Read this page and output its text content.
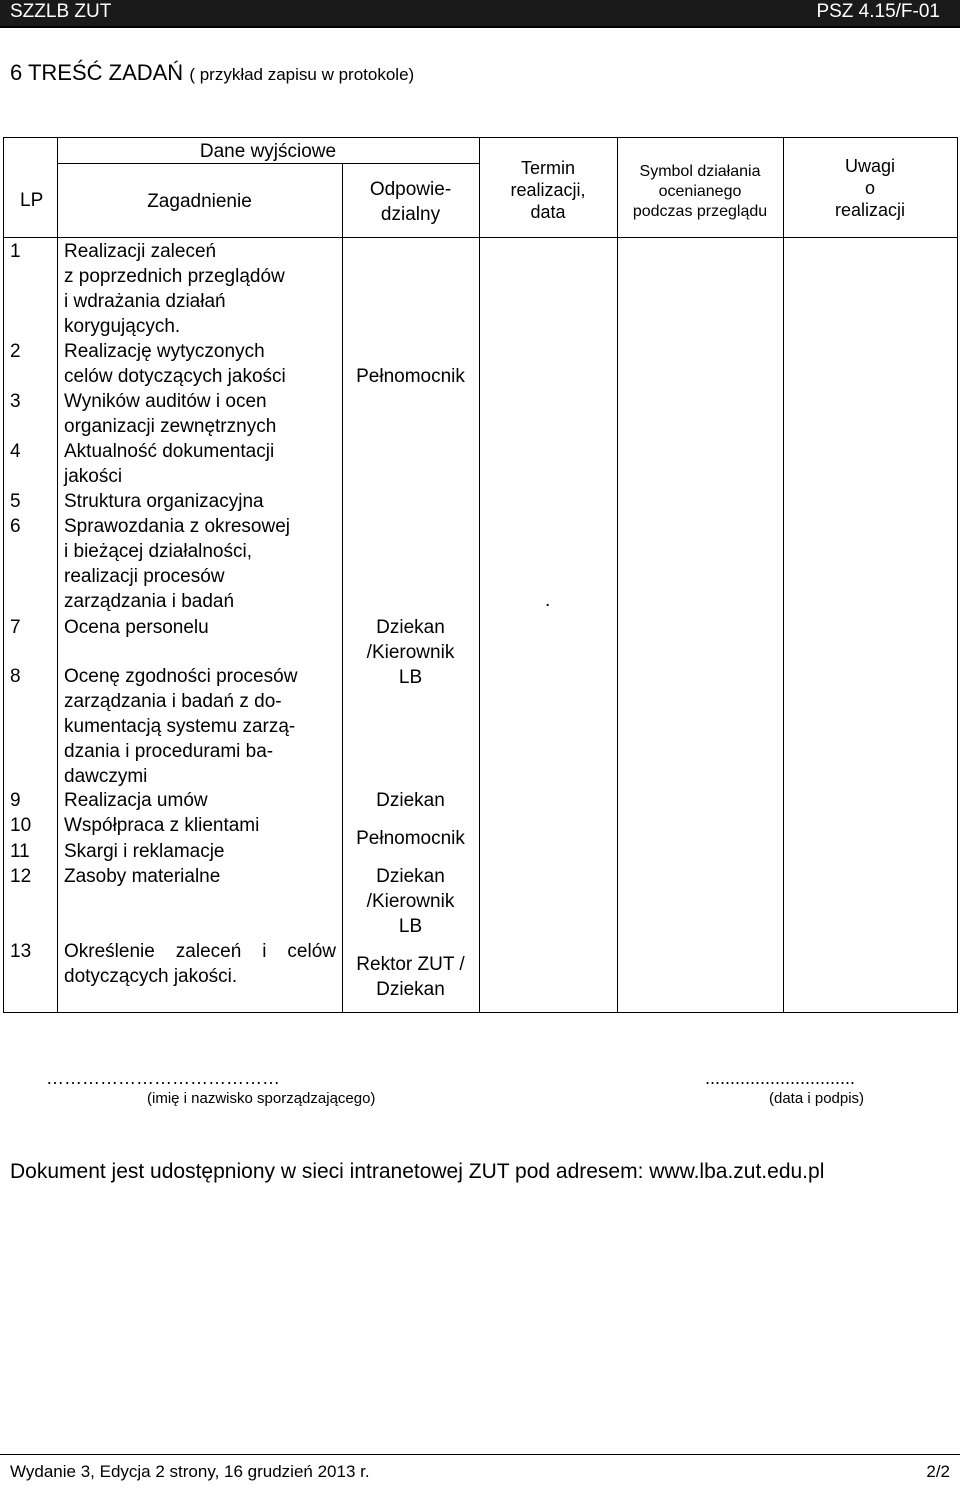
SZZLB ZUT	PSZ 4.15/F-01
6 TREŚĆ ZADAŃ ( przykład zapisu w protokole)
LP
Dane wyjściowe
Zagadnienie
Odpowie-
dzialny
Termin
realizacji,
data
Symbol działania
ocenianego
podczas przeglądu
Uwagi
o
realizacji
1 Realizacji zaleceń
z poprzednich przeglądów
i wdrażania działań
korygujących.
2 Realizację wytyczonych
celów dotyczących jakości
3 Wyników auditów i ocen
organizacji zewnętrznych
4 Aktualność dokumentacji
jakości
5 Struktura organizacyjna
6 Sprawozdania z okresowej
i bieżącej działalności,
realizacji procesów
zarządzania i badań
7 Ocena personelu
8 Ocenę zgodności procesów
zarządzania i badań z do-
kumentacją systemu zarzą-
dzania i procedurami ba-
dawczymi
9 Realizacja umów
10 Współpraca z klientami
11 Skargi i reklamacje
12 Zasoby materialne
13 Określenie zaleceń i celów
dotyczących jakości.
Pełnomocnik
Dziekan
/Kierownik
LB
Dziekan
Pełnomocnik
Dziekan
/Kierownik
LB
Rektor ZUT /
Dziekan
.
…………………………………
(imię i nazwisko sporządzającego)
..............................
(data i podpis)
Dokument jest udostępniony w sieci intranetowej ZUT pod adresem: www.lba.zut.edu.pl
Wydanie 3, Edycja 2 strony, 16 grudzień 2013 r.	2/2
